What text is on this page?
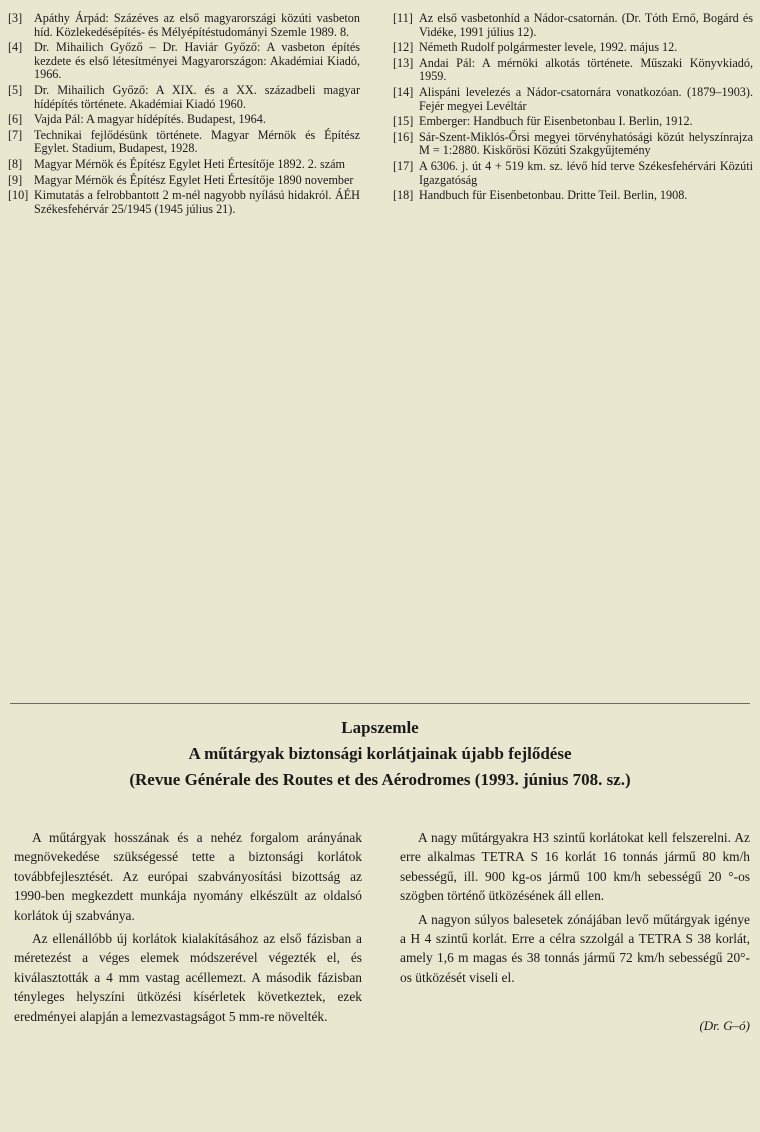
[3] Apáthy Árpád: Százéves az első magyarországi közúti vasbeton híd. Közlekedésépítés- és Mélyépítéstudományi Szemle 1989. 8.
[4] Dr. Mihailich Győző – Dr. Haviár Győző: A vasbeton építés kezdete és első létesítményei Magyarországon: Akadémiai Kiadó, 1966.
[5] Dr. Mihailich Győző: A XIX. és a XX. századbeli magyar hídépítés története. Akadémiai Kiadó 1960.
[6] Vajda Pál: A magyar hídépítés. Budapest, 1964.
[7] Technikai fejlődésünk története. Magyar Mérnök és Építész Egylet. Stadium, Budapest, 1928.
[8] Magyar Mérnök és Építész Egylet Heti Értesítője 1892. 2. szám
[9] Magyar Mérnök és Építész Egylet Heti Értesítője 1890 november
[10] Kimutatás a felrobbantott 2 m-nél nagyobb nyílású hidakról. ÁÉH Székesfehérvár 25/1945 (1945 július 21).
[11] Az első vasbetonhíd a Nádor-csatornán. (Dr. Tóth Ernő, Bogárd és Vidéke, 1991 július 12).
[12] Németh Rudolf polgármester levele, 1992. május 12.
[13] Andai Pál: A mérnöki alkotás története. Műszaki Könyvkiadó, 1959.
[14] Alispáni levelezés a Nádor-csatornára vonatkozóan. (1879–1903). Fejér megyei Levéltár
[15] Emberger: Handbuch für Eisenbetonbau I. Berlin, 1912.
[16] Sár-Szent-Miklós-Őrsi megyei törvényhatósági közút helyszínrajza M = 1:2880. Kiskőrösi Közúti Szakgyűjtemény
[17] A 6306. j. út 4 + 519 km. sz. lévő híd terve Székesfehérvári Közúti Igazgatóság
[18] Handbuch für Eisenbetonbau. Dritte Teil. Berlin, 1908.
Lapszemle
A műtárgyak biztonsági korlátjainak újabb fejlődése
(Revue Générale des Routes et des Aérodromes (1993. június 708. sz.)

A műtárgyak hosszának és a nehéz forgalom arányának megnövekedése szükségessé tette a biztonsági korlátok továbbfejlesztését. Az európai szabványosítási bizottság az 1990-ben megkezdett munkája nyomány elkészült az oldalsó korlátok új szabványa.

Az ellenállóbb új korlátok kialakításához az első fázisban a méretezést a véges elemek módszerével végezték el, és kiválasztották a 4 mm vastag acéllemezt. A második fázisban tényleges helyszíni ütközési kísérletek következtek, ezek eredményei alapján a lemezvastagságot 5 mm-re növelték.

A nagy műtárgyakra H3 szintű korlátokat kell felszerelni. Az erre alkalmas TETRA S 16 korlát 16 tonnás jármű 80 km/h sebességű, ill. 900 kg-os jármű 100 km/h sebességű 20 °-os szögben történő ütközésének áll ellen.

A nagyon súlyos balesetek zónájában levő műtárgyak igénye a H 4 szintű korlát. Erre a célra szzolgál a TETRA S 38 korlát, amely 1,6 m magas és 38 tonnás jármű 72 km/h sebességű 20°-os ütközését viseli el.

(Dr. G–ó)
